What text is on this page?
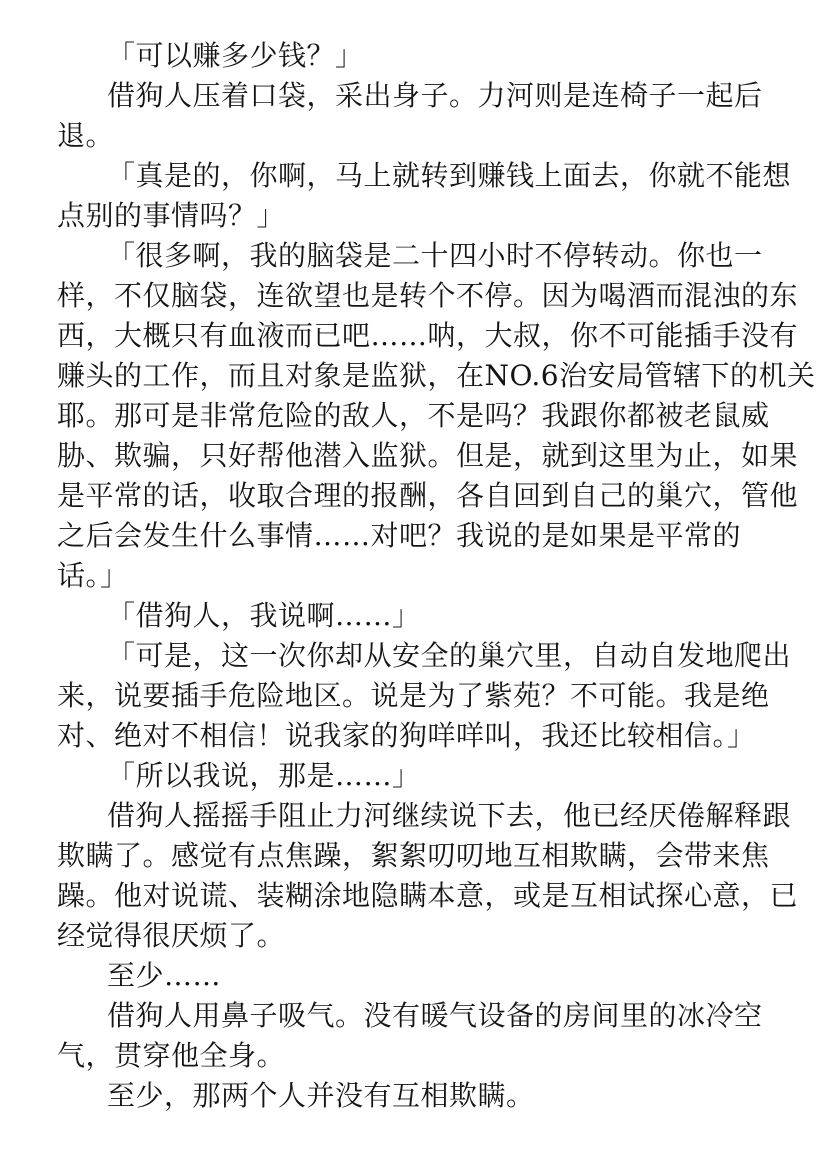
「可以赚多少钱？」
借狗人压着口袋，采出身子。力河则是连椅子一起后
退。
「真是的，你啊，马上就转到赚钱上面去，你就不能想
点别的事情吗？」
「很多啊，我的脑袋是二十四小时不停转动。你也一
样，不仅脑袋，连欲望也是转个不停。因为喝酒而混浊的东
西，大概只有血液而已吧……呐，大叔，你不可能插手没有
赚头的工作，而且对象是监狱，在NO.6治安局管辖下的机关
耶。那可是非常危险的敌人，不是吗？我跟你都被老鼠威
胁、欺骗，只好帮他潜入监狱。但是，就到这里为止，如果
是平常的话，收取合理的报酬，各自回到自己的巢穴，管他
之后会发生什么事情……对吧？我说的是如果是平常的
话。」
「借狗人，我说啊……」
「可是，这一次你却从安全的巢穴里，自动自发地爬出
来，说要插手危险地区。说是为了紫苑？不可能。我是绝
对、绝对不相信！说我家的狗咩咩叫，我还比较相信。」
「所以我说，那是……」
借狗人摇摇手阻止力河继续说下去，他已经厌倦解释跟
欺瞒了。感觉有点焦躁，絮絮叨叨地互相欺瞒，会带来焦
躁。他对说谎、装糊涂地隐瞒本意，或是互相试探心意，已
经觉得很厌烦了。
至少……
借狗人用鼻子吸气。没有暖气设备的房间里的冰冷空
气，贯穿他全身。
至少，那两个人并没有互相欺瞒。
